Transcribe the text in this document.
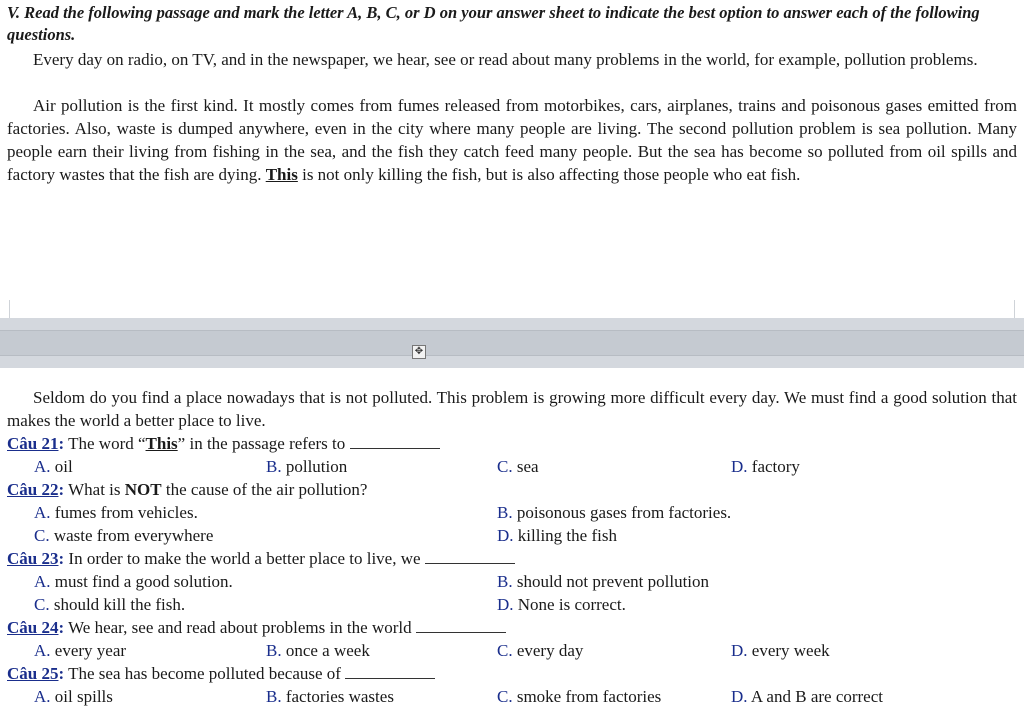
V. Read the following passage and mark the letter A, B, C, or D on your answer sheet to indicate the best option to answer each of the following questions.
Every day on radio, on TV, and in the newspaper, we hear, see or read about many problems in the world, for example, pollution problems.
Air pollution is the first kind. It mostly comes from fumes released from motorbikes, cars, airplanes, trains and poisonous gases emitted from factories. Also, waste is dumped anywhere, even in the city where many people are living. The second pollution problem is sea pollution. Many people earn their living from fishing in the sea, and the fish they catch feed many people. But the sea has become so polluted from oil spills and factory wastes that the fish are dying. This is not only killing the fish, but is also affecting those people who eat fish.
✥
Seldom do you find a place nowadays that is not polluted. This problem is growing more difficult every day. We must find a good solution that makes the world a better place to live.
Câu 21: The word “This” in the passage refers to
A. oil	B. pollution	C. sea	D. factory
Câu 22: What is NOT the cause of the air pollution?
A. fumes from vehicles.	B. poisonous gases from factories.
C. waste from everywhere	D. killing the fish
Câu 23: In order to make the world a better place to live, we
A. must find a good solution.	B. should not prevent pollution
C. should kill the fish.	D. None is correct.
Câu 24: We hear, see and read about problems in the world
A. every year	B. once a week	C. every day	D. every week
Câu 25: The sea has become polluted because of
A. oil spills	B. factories wastes	C. smoke from factories	D. A and B are correct
